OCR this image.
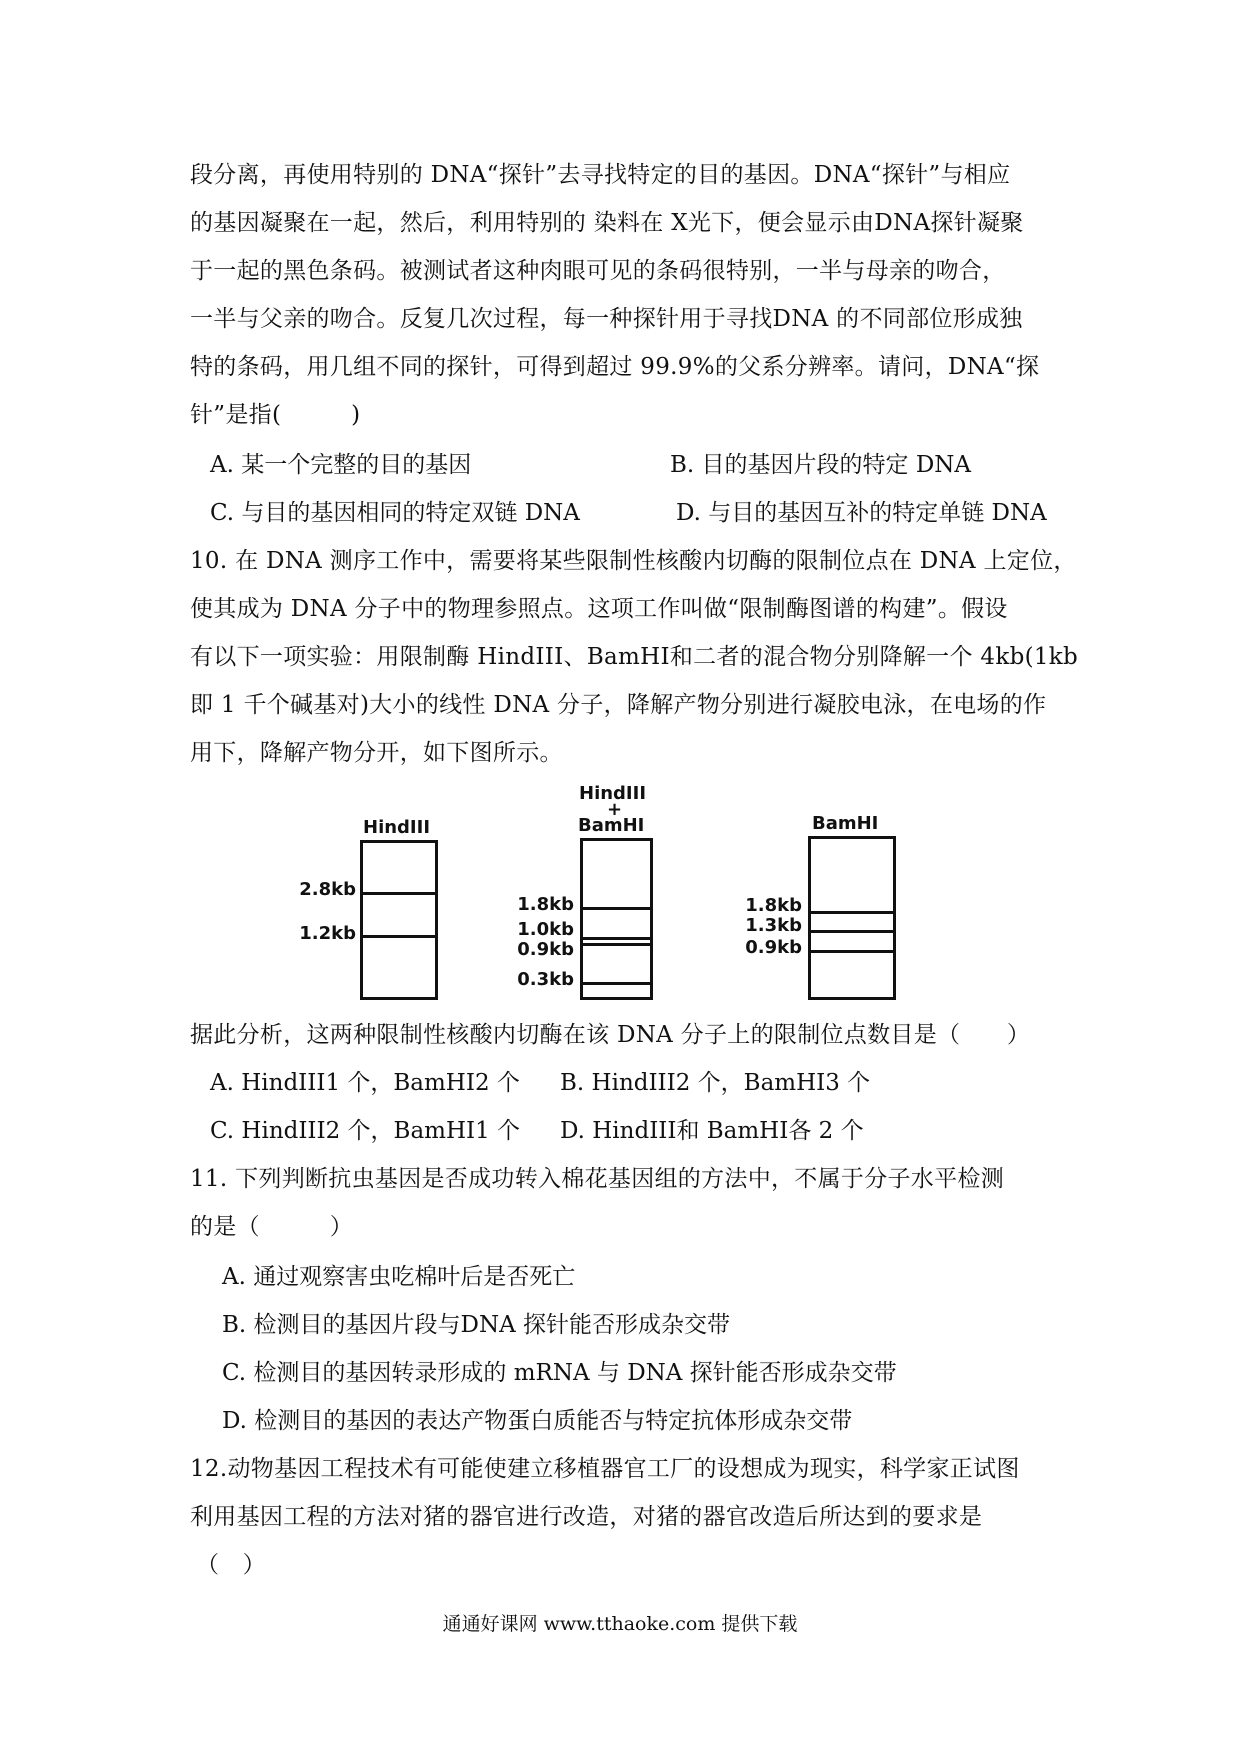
段分离，再使用特别的 DNA“探针”去寻找特定的目的基因。DNA“探针”与相应
的基因凝聚在一起，然后，利用特别的 染料在 X光下，便会显示由DNA探针凝聚
于一起的黑色条码。被测试者这种肉眼可见的条码很特别，一半与母亲的吻合，
一半与父亲的吻合。反复几次过程，每一种探针用于寻找DNA 的不同部位形成独
特的条码，用几组不同的探针，可得到超过 99.9%的父系分辨率。请问，DNA“探
针”是指(　　　)
A. 某一个完整的目的基因	B. 目的基因片段的特定 DNA
C. 与目的基因相同的特定双链 DNA	D. 与目的基因互补的特定单链 DNA
10. 在 DNA 测序工作中，需要将某些限制性核酸内切酶的限制位点在 DNA 上定位，
使其成为 DNA 分子中的物理参照点。这项工作叫做“限制酶图谱的构建”。假设
有以下一项实验：用限制酶 HindIII、BamHⅠ和二者的混合物分别降解一个 4kb(1kb
即 1 千个碱基对)大小的线性 DNA 分子，降解产物分别进行凝胶电泳，在电场的作
用下，降解产物分开，如下图所示。
HindIII
2.8kb
1.2kb
HindIII
+
BamHI
1.8kb
1.0kb
0.9kb
0.3kb
BamHI
1.8kb
1.3kb
0.9kb
据此分析，这两种限制性核酸内切酶在该 DNA 分子上的限制位点数目是（　　）
A. HindIII1 个，BamHⅠ2 个 B. HindIII2 个，BamHⅠ3 个
C. HindIII2 个，BamHⅠ1 个 D. HindIII和 BamHⅠ各 2 个
11. 下列判断抗虫基因是否成功转入棉花基因组的方法中，不属于分子水平检测
的是（　　　）
A. 通过观察害虫吃棉叶后是否死亡
B. 检测目的基因片段与DNA 探针能否形成杂交带
C. 检测目的基因转录形成的 mRNA 与 DNA 探针能否形成杂交带
D. 检测目的基因的表达产物蛋白质能否与特定抗体形成杂交带
12.动物基因工程技术有可能使建立移植器官工厂的设想成为现实，科学家正试图
利用基因工程的方法对猪的器官进行改造，对猪的器官改造后所达到的要求是
（　）
通通好课网 www.tthaoke.com 提供下载
